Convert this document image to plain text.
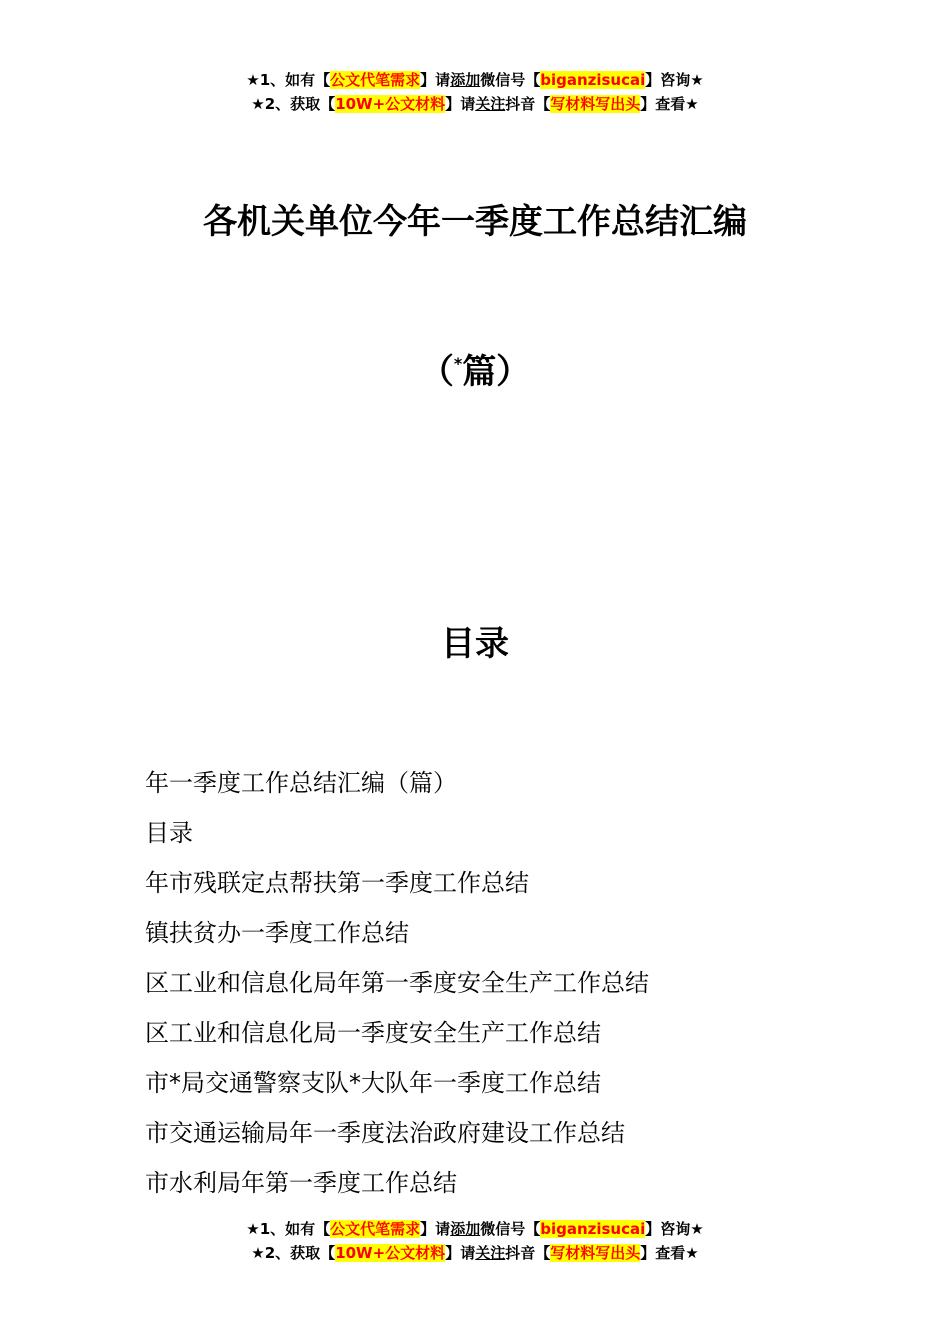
★1、如有【公文代笔需求】请添加微信号【biganzisucai】咨询★
★2、获取【10W+公文材料】请关注抖音【写材料写出头】查看★
各机关单位今年一季度工作总结汇编
（*篇）
目录
年一季度工作总结汇编（篇）
目录
年市残联定点帮扶第一季度工作总结
镇扶贫办一季度工作总结
区工业和信息化局年第一季度安全生产工作总结
区工业和信息化局一季度安全生产工作总结
市*局交通警察支队*大队年一季度工作总结
市交通运输局年一季度法治政府建设工作总结
市水利局年第一季度工作总结
★1、如有【公文代笔需求】请添加微信号【biganzisucai】咨询★
★2、获取【10W+公文材料】请关注抖音【写材料写出头】查看★
